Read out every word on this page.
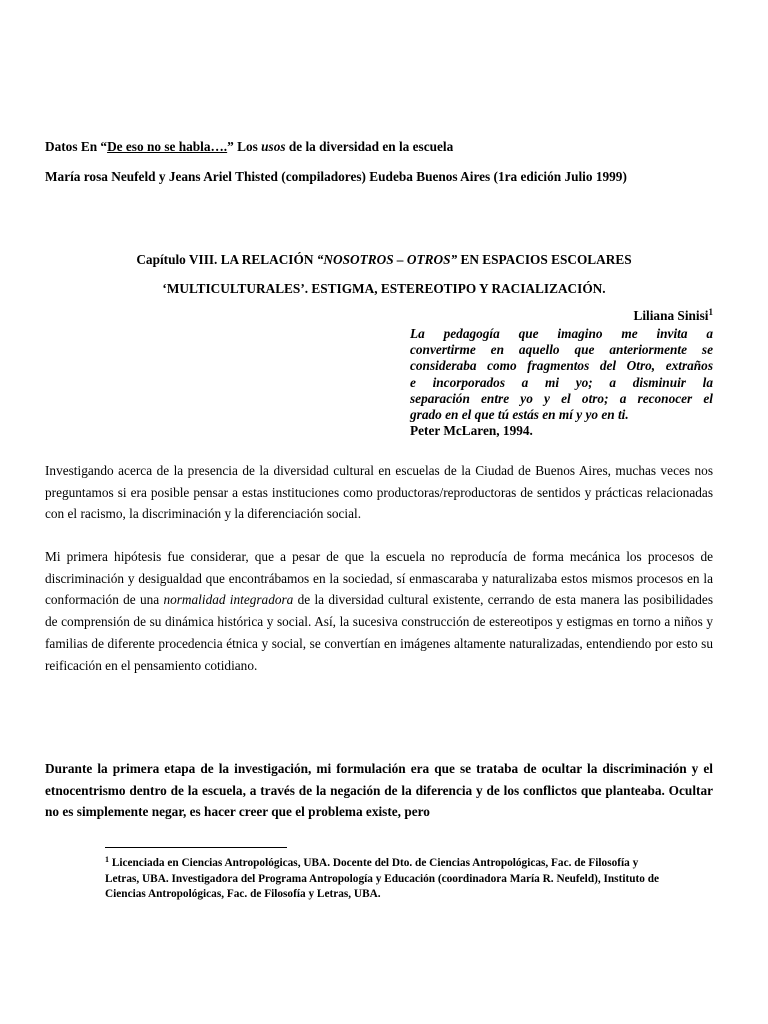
Datos En “De eso no se habla….” Los usos de la diversidad en la escuela
María rosa Neufeld y Jeans Ariel Thisted (compiladores) Eudeba Buenos Aires (1ra edición Julio 1999)
Capítulo VIII. LA RELACIÓN “NOSOTROS – OTROS” EN ESPACIOS ESCOLARES
‘MULTICULTURALES’. ESTIGMA, ESTEREOTIPO Y RACIALIZACIÓN.
Liliana Sinisi$^1$

La pedagogía que imagino me invita a

convertirme en aquello que anteriormente se

consideraba como fragmentos del Otro, extraños

e incorporados a mi yo; a disminuir la

separación entre yo y el otro; a reconocer el

grado en el que tú estás en mí y yo en ti.

Peter McLaren, 1994.

Investigando acerca de la presencia de la diversidad cultural en escuelas de la Ciudad de Buenos Aires, muchas veces nos preguntamos si era posible pensar a estas instituciones como productoras/reproductoras de sentidos y prácticas relacionadas con el racismo, la discriminación y la diferenciación social.

Mi primera hipótesis fue considerar, que a pesar de que la escuela no reproducía de forma mecánica los procesos de discriminación y desigualdad que encontrábamos en la sociedad, sí enmascaraba y naturalizaba estos mismos procesos en la conformación de una normalidad integradora de la diversidad cultural existente, cerrando de esta manera las posibilidades de comprensión de su dinámica histórica y social. Así, la sucesiva construcción de estereotipos y estigmas en torno a niños y familias de diferente procedencia étnica y social, se convertían en imágenes altamente naturalizadas, entendiendo por esto su reificación en el pensamiento cotidiano.

Durante la primera etapa de la investigación, mi formulación era que se trataba de ocultar la discriminación y el etnocentrismo dentro de la escuela, a través de la negación de la diferencia y de los conflictos que planteaba. Ocultar no es simplemente negar, es hacer creer que el problema existe, pero

$^1$ Licenciada en Ciencias Antropológicas, UBA. Docente del Dto. de Ciencias Antropológicas, Fac. de Filosofía y Letras, UBA. Investigadora del Programa Antropología y Educación (coordinadora María R. Neufeld), Instituto de Ciencias Antropológicas, Fac. de Filosofía y Letras, UBA.
